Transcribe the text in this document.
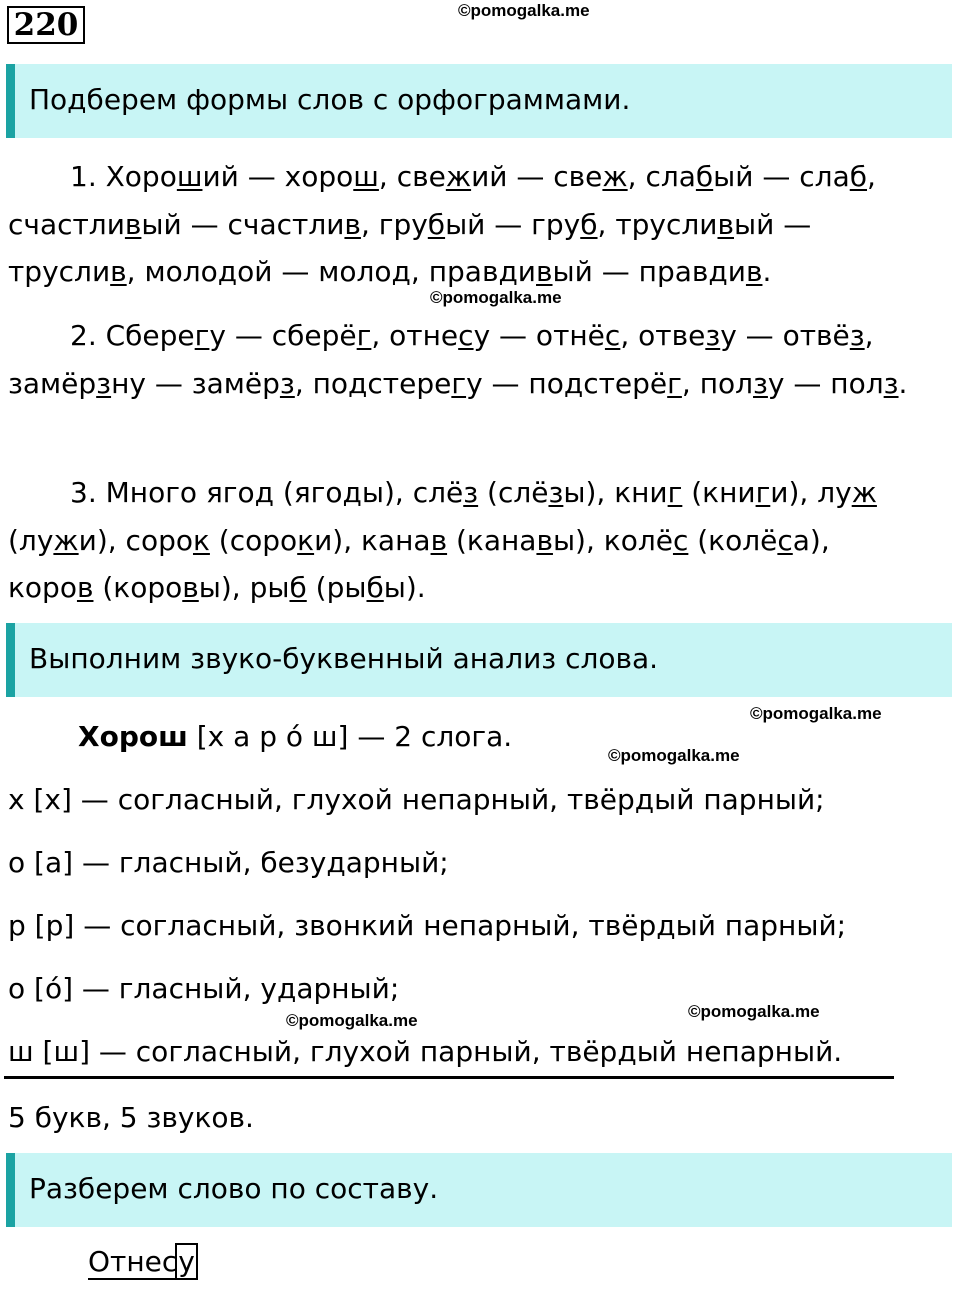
220	©pomogalka.me
©pomogalka.me
©pomogalka.me
©pomogalka.me
©pomogalka.me
©pomogalka.me
Подберем формы слов с орфограммами.
1. Хороший — хорош, свежий — свеж, слабый — слаб, счастливый — счастлив, грубый — груб, трусливый — труслив, молодой — молод, правдивый — правдив.
2. Сберегу — сберёг, отнесу — отнёс, отвезу — отвёз, замёрзну — замёрз, подстерегу — подстерёг, ползу — полз.
3. Много ягод (ягоды), слёз (слёзы), книг (книги), луж (лужи), сорок (сороки), канав (канавы), колёс (колёса), коров (коровы), рыб (рыбы).
Выполним звуко-буквенный анализ слова.
Хорош [х а р ó ш] — 2 слога.
х [х] — согласный, глухой непарный, твёрдый парный;
о [а] — гласный, безударный;
р [р] — согласный, звонкий непарный, твёрдый парный;
о [ó] — гласный, ударный;
ш [ш] — согласный, глухой парный, твёрдый непарный.
5 букв, 5 звуков.
Разберем слово по составу.
Отнесу
